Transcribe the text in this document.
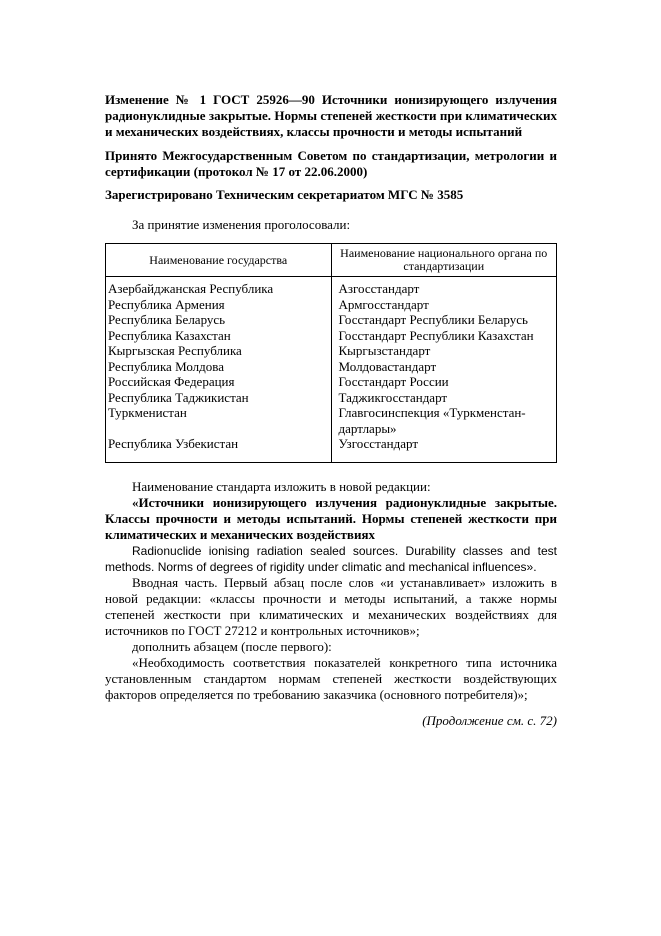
Изменение № 1 ГОСТ 25926—90 Источники ионизирующего излучения радионуклидные закрытые. Нормы степеней жесткости при климатических и механических воздействиях, классы прочности и методы испытаний

Принято Межгосударственным Советом по стандартизации, метрологии и сертификации (протокол № 17 от 22.06.2000)

Зарегистрировано Техническим секретариатом МГС № 3585

За принятие изменения проголосовали:

Наименование государства	Наименование национального органа по стандартизации
Азербайджанская Республика	Азгосстандарт
Республика Армения	Армгосстандарт
Республика Беларусь	Госстандарт Республики Беларусь
Республика Казахстан	Госстандарт Республики Казахстан
Кыргызская Республика	Кыргызстандарт
Республика Молдова	Молдовастандарт
Российская Федерация	Госстандарт России
Республика Таджикистан	Таджикгосстандарт
Туркменистан	Главгосинспекция «Туркменстан-дартлары»
Республика Узбекистан	Узгосстандарт

Наименование стандарта изложить в новой редакции:

«Источники ионизирующего излучения радионуклидные закрытые. Классы прочности и методы испытаний. Нормы степеней жесткости при климатических и механических воздействиях

Radionuclide ionising radiation sealed sources. Durability classes and test methods. Norms of degrees of rigidity under climatic and mechanical influences».

Вводная часть. Первый абзац после слов «и устанавливает» изложить в новой редакции: «классы прочности и методы испытаний, а также нормы степеней жесткости при климатических и механических воздействиях для источников по ГОСТ 27212 и контрольных источников»;

дополнить абзацем (после первого):

«Необходимость соответствия показателей конкретного типа источника установленным стандартом нормам степеней жесткости воздействующих факторов определяется по требованию заказчика (основного потребителя)»;

(Продолжение см. с. 72)
